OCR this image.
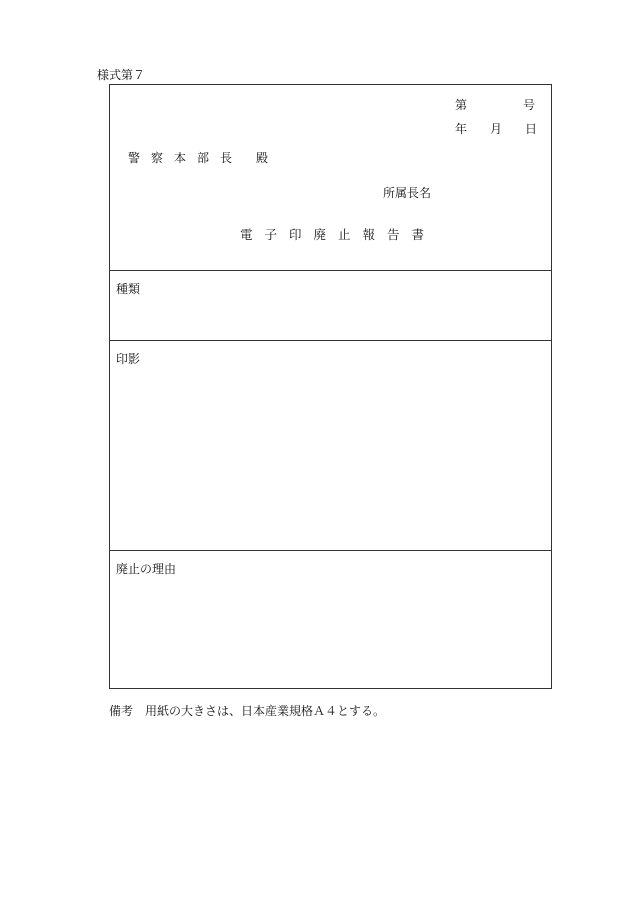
様式第７
第	号
年 月 日
警察本部長 殿
所属長名
電子印廃止報告書
種類
印影
廃止の理由
備考　用紙の大きさは、日本産業規格Ａ４とする。
